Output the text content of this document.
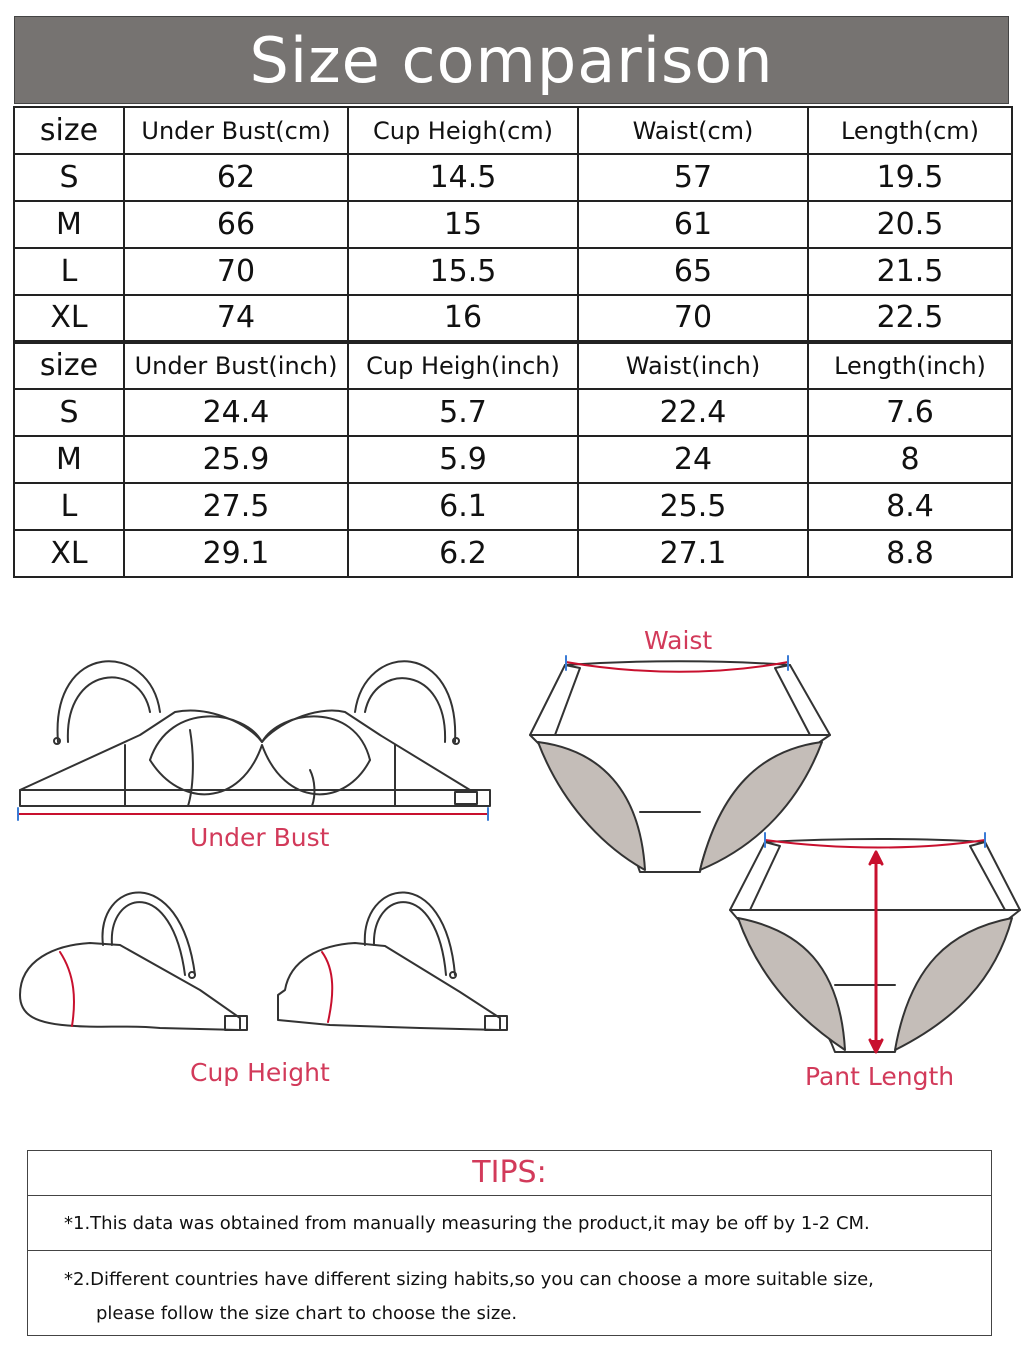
Size comparison
size	Under Bust(cm)	Cup Heigh(cm)	Waist(cm)	Length(cm)
S	62	14.5	57	19.5
M	66	15	61	20.5
L	70	15.5	65	21.5
XL	74	16	70	22.5
size	Under Bust(inch)	Cup Heigh(inch)	Waist(inch)	Length(inch)
S	24.4	5.7	22.4	7.6
M	25.9	5.9	24	8
L	27.5	6.1	25.5	8.4
XL	29.1	6.2	27.1	8.8
Under Bust
Cup Height
Waist
Pant Length
TIPS:
*1.This data was obtained from manually measuring the product,it may be off by 1-2 CM.
*2.Different countries have different sizing habits,so you can choose a more suitable size,
please follow the size chart to choose the size.
